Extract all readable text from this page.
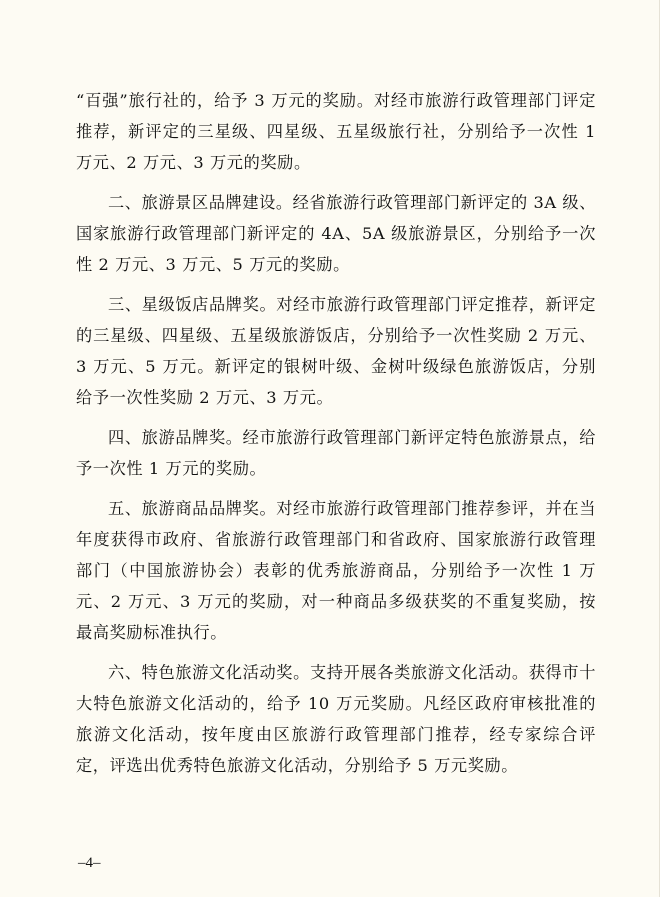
“百强”旅行社的，给予 3 万元的奖励。对经市旅游行政管理部门评定推荐，新评定的三星级、四星级、五星级旅行社，分别给予一次性 1 万元、2 万元、3 万元的奖励。

二、旅游景区品牌建设。经省旅游行政管理部门新评定的 3A 级、国家旅游行政管理部门新评定的 4A、5A 级旅游景区，分别给予一次性 2 万元、3 万元、5 万元的奖励。

三、星级饭店品牌奖。对经市旅游行政管理部门评定推荐，新评定的三星级、四星级、五星级旅游饭店，分别给予一次性奖励 2 万元、3 万元、5 万元。新评定的银树叶级、金树叶级绿色旅游饭店，分别给予一次性奖励 2 万元、3 万元。

四、旅游品牌奖。经市旅游行政管理部门新评定特色旅游景点，给予一次性 1 万元的奖励。

五、旅游商品品牌奖。对经市旅游行政管理部门推荐参评，并在当年度获得市政府、省旅游行政管理部门和省政府、国家旅游行政管理部门（中国旅游协会）表彰的优秀旅游商品，分别给予一次性 1 万元、2 万元、3 万元的奖励，对一种商品多级获奖的不重复奖励，按最高奖励标准执行。

六、特色旅游文化活动奖。支持开展各类旅游文化活动。获得市十大特色旅游文化活动的，给予 10 万元奖励。凡经区政府审核批准的旅游文化活动，按年度由区旅游行政管理部门推荐，经专家综合评定，评选出优秀特色旅游文化活动，分别给予 5 万元奖励。

–4–
